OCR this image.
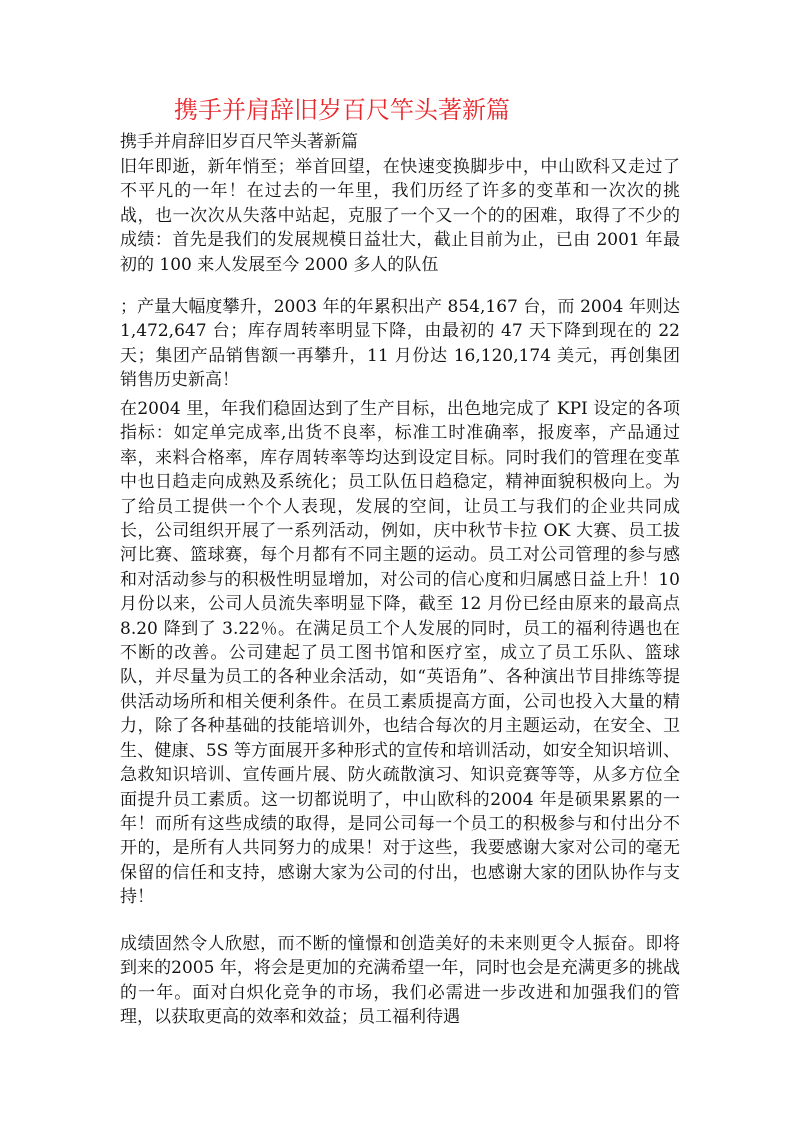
携手并肩辞旧岁百尺竿头著新篇
携手并肩辞旧岁百尺竿头著新篇
旧年即逝，新年悄至；举首回望，在快速变换脚步中，中山欧科又走过了不平凡的一年！在过去的一年里，我们历经了许多的变革和一次次的挑战，也一次次从失落中站起，克服了一个又一个的的困难，取得了不少的成绩：首先是我们的发展规模日益壮大，截止目前为止，已由 2001 年最初的 100 来人发展至今 2000 多人的队伍
；产量大幅度攀升，2003 年的年累积出产 854,167 台，而 2004 年则达 1,472,647 台；库存周转率明显下降，由最初的 47 天下降到现在的 22 天；集团产品销售额一再攀升，11 月份达 16,120,174 美元，再创集团销售历史新高！
在2004 里，年我们稳固达到了生产目标，出色地完成了 KPI 设定的各项指标：如定单完成率,出货不良率，标准工时准确率，报废率，产品通过率，来料合格率，库存周转率等均达到设定目标。同时我们的管理在变革中也日趋走向成熟及系统化；员工队伍日趋稳定，精神面貌积极向上。为了给员工提供一个个人表现，发展的空间，让员工与我们的企业共同成长，公司组织开展了一系列活动，例如，庆中秋节卡拉 OK 大赛、员工拔河比赛、篮球赛，每个月都有不同主题的运动。员工对公司管理的参与感和对活动参与的积极性明显增加，对公司的信心度和归属感日益上升！10 月份以来，公司人员流失率明显下降，截至 12 月份已经由原来的最高点 8.20 降到了 3.22％。在满足员工个人发展的同时，员工的福利待遇也在不断的改善。公司建起了员工图书馆和医疗室，成立了员工乐队、篮球队，并尽量为员工的各种业余活动，如“英语角”、各种演出节目排练等提供活动场所和相关便利条件。在员工素质提高方面，公司也投入大量的精力，除了各种基础的技能培训外，也结合每次的月主题运动，在安全、卫生、健康、5S 等方面展开多种形式的宣传和培训活动，如安全知识培训、急救知识培训、宣传画片展、防火疏散演习、知识竞赛等等，从多方位全面提升员工素质。这一切都说明了，中山欧科的2004 年是硕果累累的一年！而所有这些成绩的取得，是同公司每一个员工的积极参与和付出分不开的，是所有人共同努力的成果！对于这些，我要感谢大家对公司的毫无保留的信任和支持，感谢大家为公司的付出，也感谢大家的团队协作与支持！
成绩固然令人欣慰，而不断的憧憬和创造美好的未来则更令人振奋。即将到来的2005 年，将会是更加的充满希望一年，同时也会是充满更多的挑战的一年。面对白炽化竞争的市场，我们必需进一步改进和加强我们的管理，以获取更高的效率和效益；员工福利待遇
